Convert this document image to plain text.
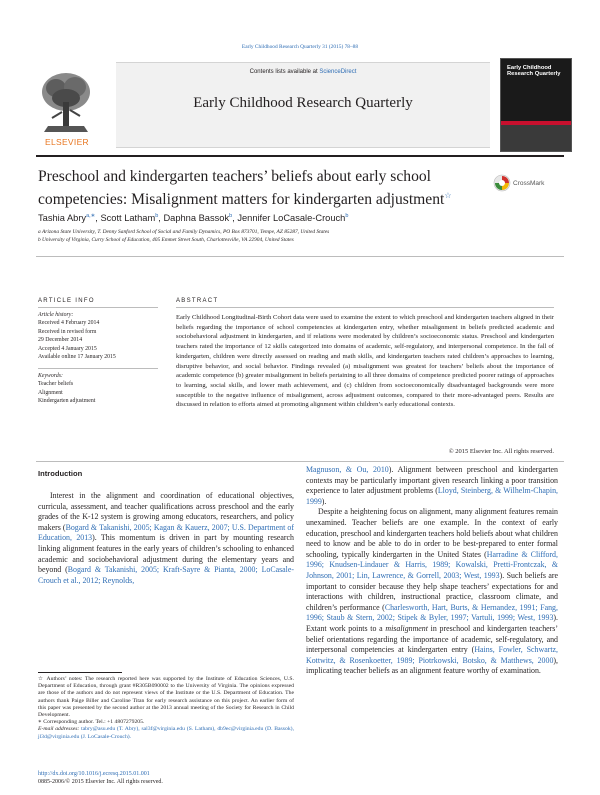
Early Childhood Research Quarterly 31 (2015) 78–88
ELSEVIER
Contents lists available at ScienceDirect
Early Childhood Research Quarterly
Early Childhood Research Quarterly
Preschool and kindergarten teachers’ beliefs about early school
competencies: Misalignment matters for kindergarten adjustment☆
CrossMark
Tashia Abry$^{a,∗}$, Scott Latham$^b$, Daphna Bassok$^b$, Jennifer LoCasale-Crouch$^b$
a Arizona State University, T. Denny Sanford School of Social and Family Dynamics, PO Box 873701, Tempe, AZ 85287, United States
b University of Virginia, Curry School of Education, 405 Emmet Street South, Charlottesville, VA 22904, United States
ARTICLE INFO	ABSTRACT
Article history:
Received 4 February 2014
Received in revised form
29 December 2014
Accepted 4 January 2015
Available online 17 January 2015
Keywords:
Teacher beliefs
Alignment
Kindergarten adjustment
Early Childhood Longitudinal-Birth Cohort data were used to examine the extent to which preschool and kindergarten teachers aligned in their beliefs regarding the importance of school competencies at kindergarten entry, whether misalignment in beliefs predicted academic and sociobehavioral adjustment in kindergarten, and if relations were moderated by children’s socioeconomic status. Preschool and kindergarten teachers rated the importance of 12 skills categorized into domains of academic, self-regulatory, and interpersonal competence. In the fall of kindergarten, children were directly assessed on reading and math skills, and kindergarten teachers rated children’s approaches to learning, disruptive behavior, and social behavior. Findings revealed (a) misalignment was greatest for teachers’ beliefs about the importance of academic competence (b) greater misalignment in beliefs pertaining to all three domains of competence predicted poorer ratings of approaches to learning, social skills, and lower math achievement, and (c) children from socioeconomically disadvantaged backgrounds were more susceptible to the negative influence of misalignment, across adjustment outcomes, compared to their more-advantaged peers. Results are discussed in relation to efforts aimed at promoting alignment within children’s early educational contexts.
© 2015 Elsevier Inc. All rights reserved.
Introduction

Interest in the alignment and coordination of educational objectives, curricula, assessment, and teacher qualifications across preschool and the early grades of the K-12 system is growing among educators, researchers, and policy makers (Bogard & Takanishi, 2005; Kagan & Kauerz, 2007; U.S. Department of Education, 2013). This momentum is driven in part by mounting research linking alignment features in the early years of children’s schooling to enhanced academic and sociobehavioral adjustment during the elementary years and beyond (Bogard & Takanishi, 2005; Kraft-Sayre & Pianta, 2000; LoCasale-Crouch et al., 2012; Reynolds,

Magnuson, & Ou, 2010). Alignment between preschool and kindergarten contexts may be particularly important given research linking a poor transition experience to later adjustment problems (Lloyd, Steinberg, & Wilhelm-Chapin, 1999).

Despite a heightening focus on alignment, many alignment features remain unexamined. Teacher beliefs are one example. In the context of early education, preschool and kindergarten teachers hold beliefs about what children need to know and be able to do in order to be best-prepared to enter formal schooling, typically kindergarten in the United States (Harradine & Clifford, 1996; Knudsen-Lindauer & Harris, 1989; Kowalski, Pretti-Frontczak, & Johnson, 2001; Lin, Lawrence, & Gorrell, 2003; West, 1993). Such beliefs are important to consider because they help shape teachers’ expectations for and interactions with children, instructional practice, classroom climate, and children’s performance (Charlesworth, Hart, Burts, & Hernandez, 1991; Fang, 1996; Staub & Stern, 2002; Stipek & Byler, 1997; Vartuli, 1999; West, 1993). Extant work points to a misalignment in preschool and kindergarten teachers’ belief orientations regarding the importance of academic, self-regulatory, and interpersonal competencies at kindergarten entry (Hains, Fowler, Schwartz, Kottwitz, & Rosenkoetter, 1989; Piotrkowski, Botsko, & Matthews, 2000), implicating teacher beliefs as an alignment feature worthy of examination.

☆ Authors’ notes: The research reported here was supported by the Institute of Education Sciences, U.S. Department of Education, through grant #R305B090002 to the University of Virginia. The opinions expressed are those of the authors and do not represent views of the Institute or the U.S. Department of Education. The authors thank Paige Biller and Caroline Titan for early research assistance on this project. An earlier form of this paper was presented by the second author at the 2013 annual meeting of the Society for Research in Child Development.

∗ Corresponding author. Tel.: +1 4807279205.

E-mail addresses: tabry@asu.edu (T. Abry), sal3f@virginia.edu (S. Latham), db9ec@virginia.edu (D. Bassok), jl3d@virginia.edu (J. LoCasale-Crouch).

http://dx.doi.org/10.1016/j.ecresq.2015.01.001
0885-2006/© 2015 Elsevier Inc. All rights reserved.
